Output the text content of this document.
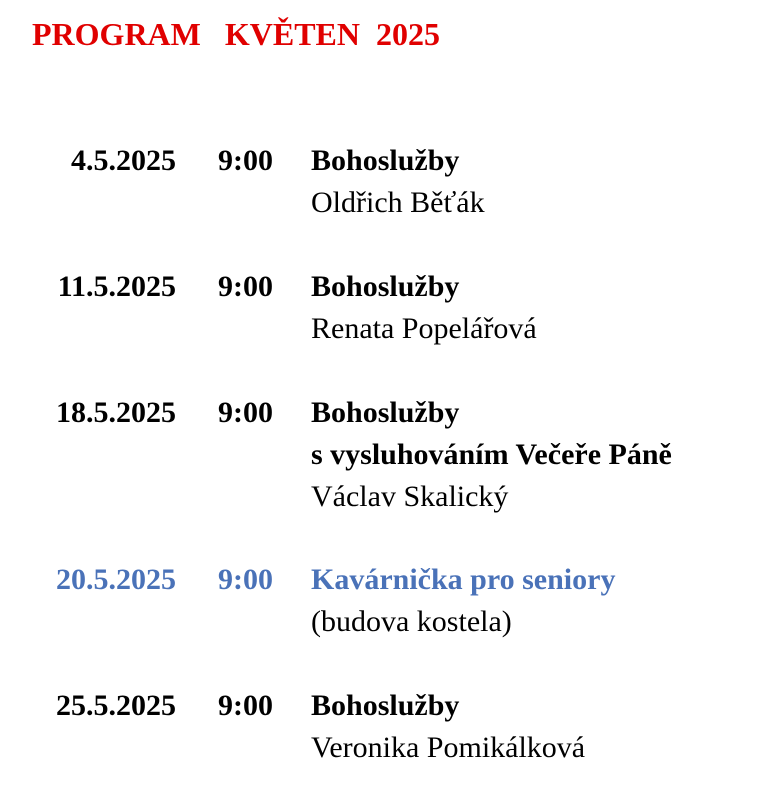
PROGRAM   KVĚTEN  2025
4.5.2025 9:00 Bohoslužby
Oldřich Běťák
11.5.2025 9:00 Bohoslužby
Renata Popelářová
18.5.2025 9:00 Bohoslužby
s vysluhováním Večeře Páně
Václav Skalický
20.5.2025 9:00 Kavárnička pro seniory
(budova kostela)
25.5.2025 9:00 Bohoslužby
Veronika Pomikálková
